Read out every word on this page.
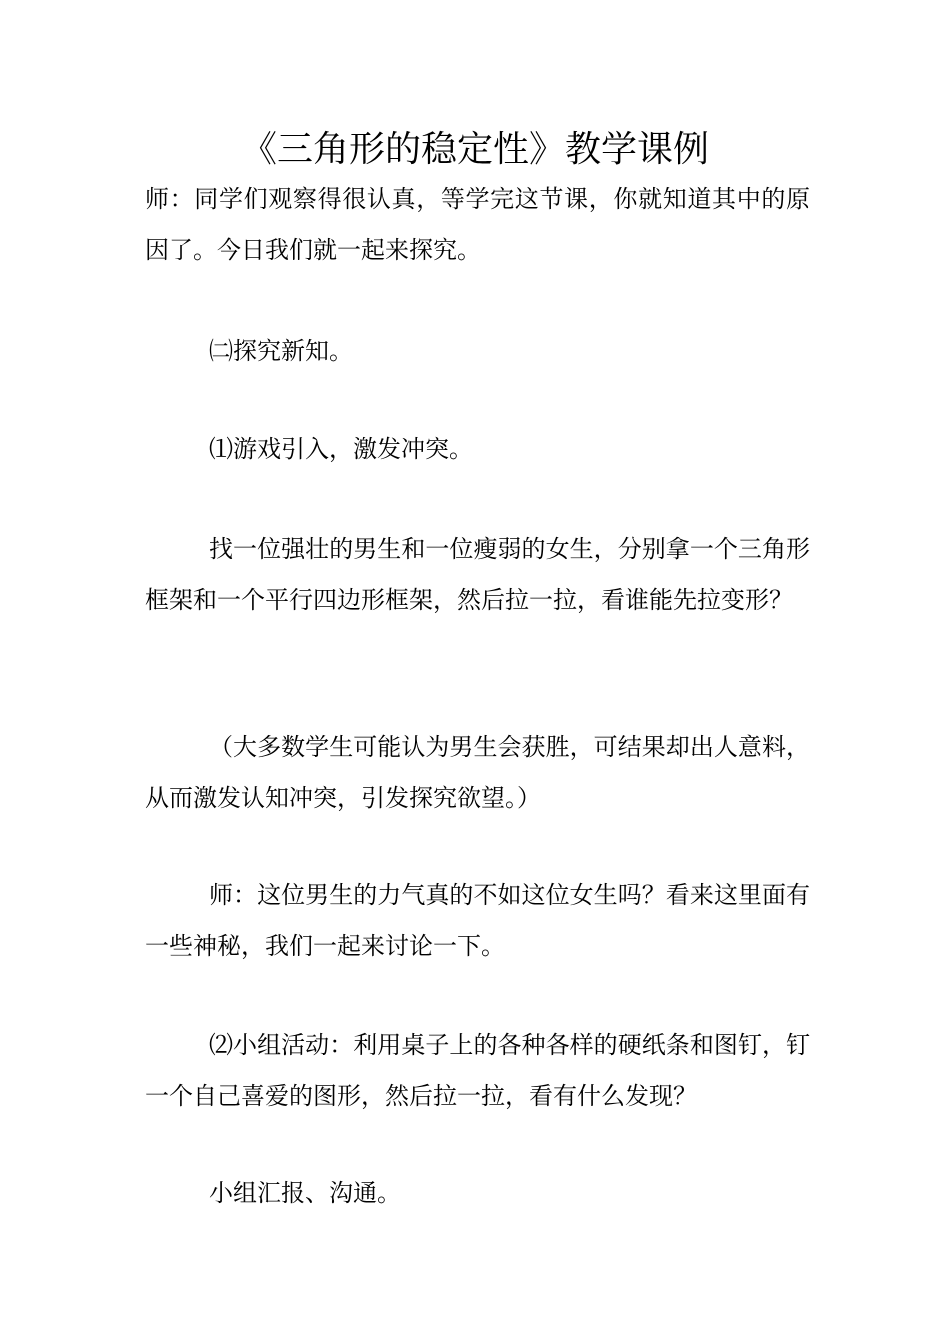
《三角形的稳定性》教学课例

师：同学们观察得很认真，等学完这节课，你就知道其中的原因了。今日我们就一起来探究。

㈡探究新知。

⑴游戏引入，激发冲突。

找一位强壮的男生和一位瘦弱的女生，分别拿一个三角形框架和一个平行四边形框架，然后拉一拉，看谁能先拉变形？

（大多数学生可能认为男生会获胜，可结果却出人意料，从而激发认知冲突，引发探究欲望。）

师：这位男生的力气真的不如这位女生吗？看来这里面有一些神秘，我们一起来讨论一下。

⑵小组活动：利用桌子上的各种各样的硬纸条和图钉，钉一个自己喜爱的图形，然后拉一拉，看有什么发现？

小组汇报、沟通。
